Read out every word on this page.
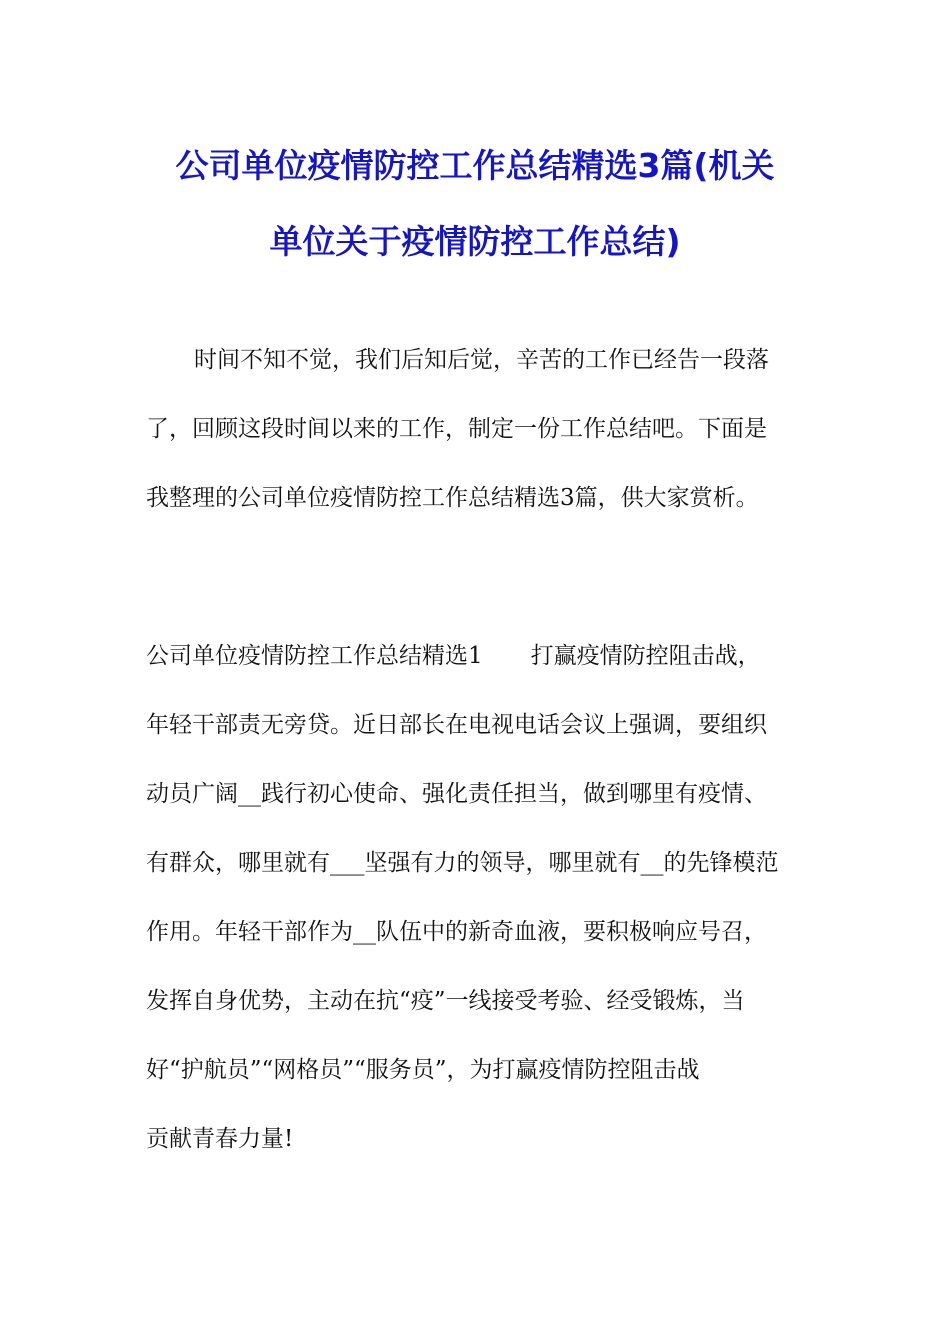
公司单位疫情防控工作总结精选3篇(机关
单位关于疫情防控工作总结)
时间不知不觉，我们后知后觉，辛苦的工作已经告一段落
了，回顾这段时间以来的工作，制定一份工作总结吧。下面是
我整理的公司单位疫情防控工作总结精选3篇，供大家赏析。
公司单位疫情防控工作总结精选1 打赢疫情防控阻击战，
年轻干部责无旁贷。近日部长在电视电话会议上强调，要组织
动员广阔__践行初心使命、强化责任担当，做到哪里有疫情、
有群众，哪里就有___坚强有力的领导，哪里就有__的先锋模范
作用。年轻干部作为__队伍中的新奇血液，要积极响应号召，
发挥自身优势，主动在抗“疫”一线接受考验、经受锻炼，当
好“护航员”“网格员”“服务员”，为打赢疫情防控阻击战
贡献青春力量!
